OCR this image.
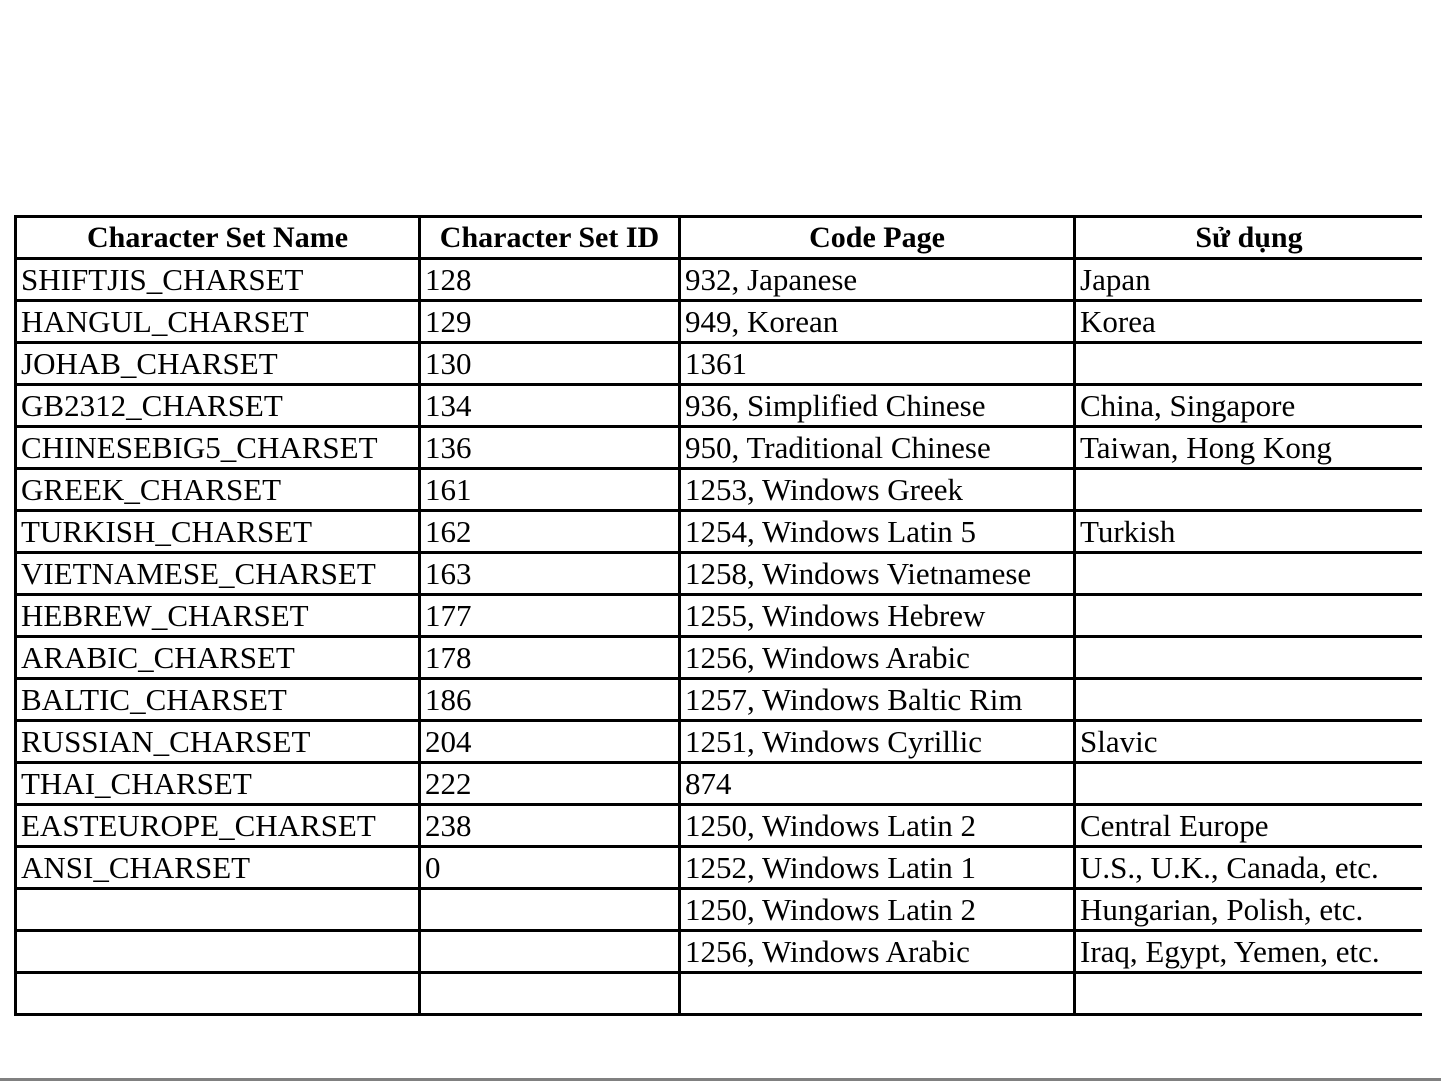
Character Set Name	Character Set ID	Code Page	Sử dụng
SHIFTJIS_CHARSET	128	932, Japanese	Japan
HANGUL_CHARSET	129	949, Korean	Korea
JOHAB_CHARSET	130	1361	
GB2312_CHARSET	134	936, Simplified Chinese	China, Singapore
CHINESEBIG5_CHARSET	136	950, Traditional Chinese	Taiwan, Hong Kong
GREEK_CHARSET	161	1253, Windows Greek	
TURKISH_CHARSET	162	1254, Windows Latin 5	Turkish
VIETNAMESE_CHARSET	163	1258, Windows Vietnamese	
HEBREW_CHARSET	177	1255, Windows Hebrew	
ARABIC_CHARSET	178	1256, Windows Arabic	
BALTIC_CHARSET	186	1257, Windows Baltic Rim	
RUSSIAN_CHARSET	204	1251, Windows Cyrillic	Slavic
THAI_CHARSET	222	874	
EASTEUROPE_CHARSET	238	1250, Windows Latin 2	Central Europe
ANSI_CHARSET	0	1252, Windows Latin 1	U.S., U.K., Canada, etc.
		1250, Windows Latin 2	Hungarian, Polish, etc.
		1256, Windows Arabic	Iraq, Egypt, Yemen, etc.
